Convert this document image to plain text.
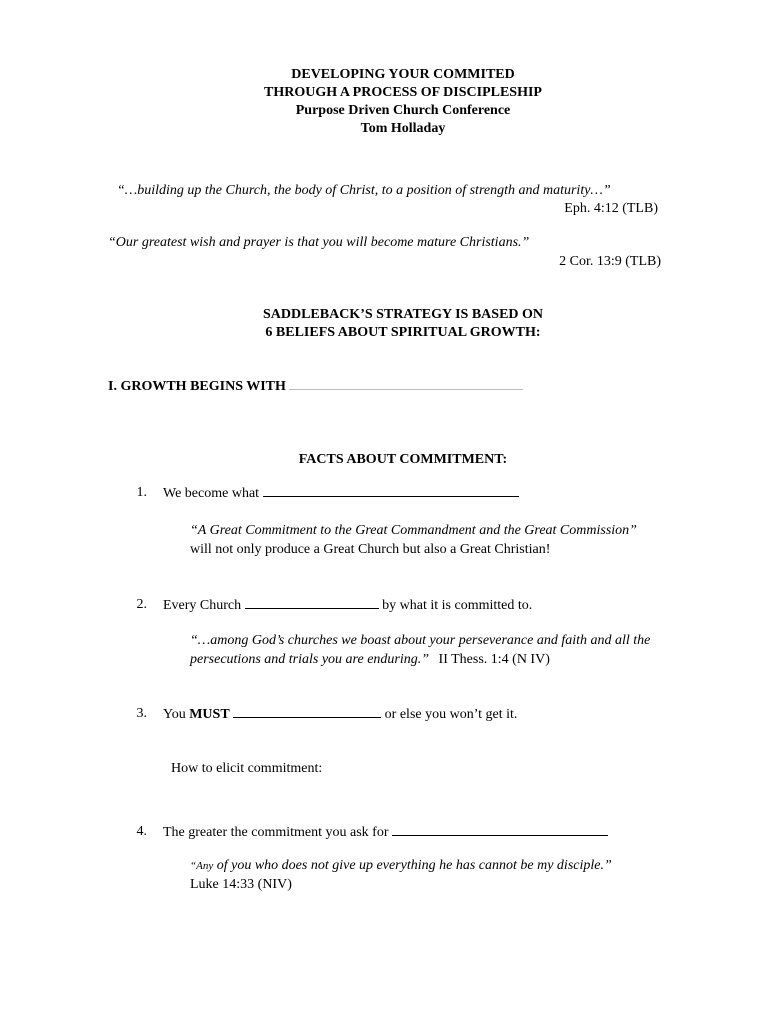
DEVELOPING YOUR COMMITED
THROUGH A PROCESS OF DISCIPLESHIP
Purpose Driven Church Conference
Tom Holladay
“…building up the Church, the body of Christ, to a position of strength and maturity…”
Eph. 4:12 (TLB)
“Our greatest wish and prayer is that you will become mature Christians.”
2 Cor. 13:9 (TLB)
SADDLEBACK’S STRATEGY IS BASED ON
6 BELIEFS ABOUT SPIRITUAL GROWTH:
I. GROWTH BEGINS WITH
FACTS ABOUT COMMITMENT:
1. We become what
“A Great Commitment to the Great Commandment and the Great Commission”
will not only produce a Great Church but also a Great Christian!
2. Every Church	by what it is committed to.
“…among God’s churches we boast about your perseverance and faith and all the
persecutions and trials you are enduring.” II Thess. 1:4 (N IV)
3. You MUST	or else you won’t get it.
How to elicit commitment:
4. The greater the commitment you ask for
“Any of you who does not give up everything he has cannot be my disciple.”
Luke 14:33 (NIV)
